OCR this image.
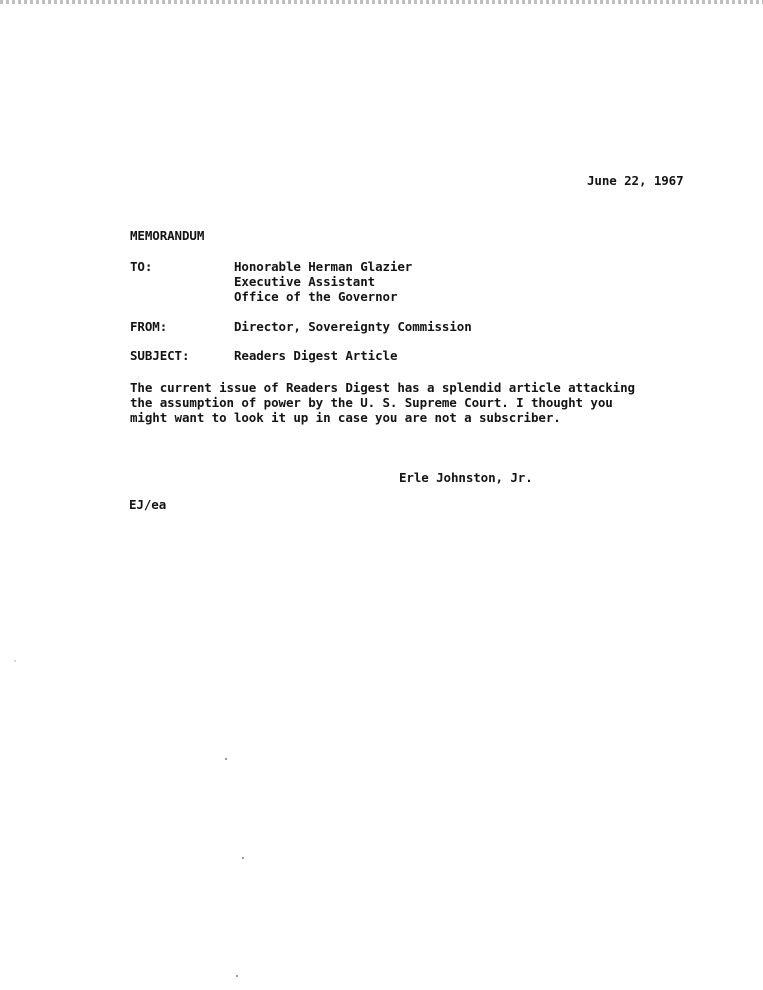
June 22, 1967
MEMORANDUM
TO:	Honorable Herman Glazier
Executive Assistant
Office of the Governor
FROM:	Director, Sovereignty Commission
SUBJECT:	Readers Digest Article
The current issue of Readers Digest has a splendid article attacking
the assumption of power by the U. S. Supreme Court. I thought you
might want to look it up in case you are not a subscriber.
Erle Johnston, Jr.
EJ/ea
